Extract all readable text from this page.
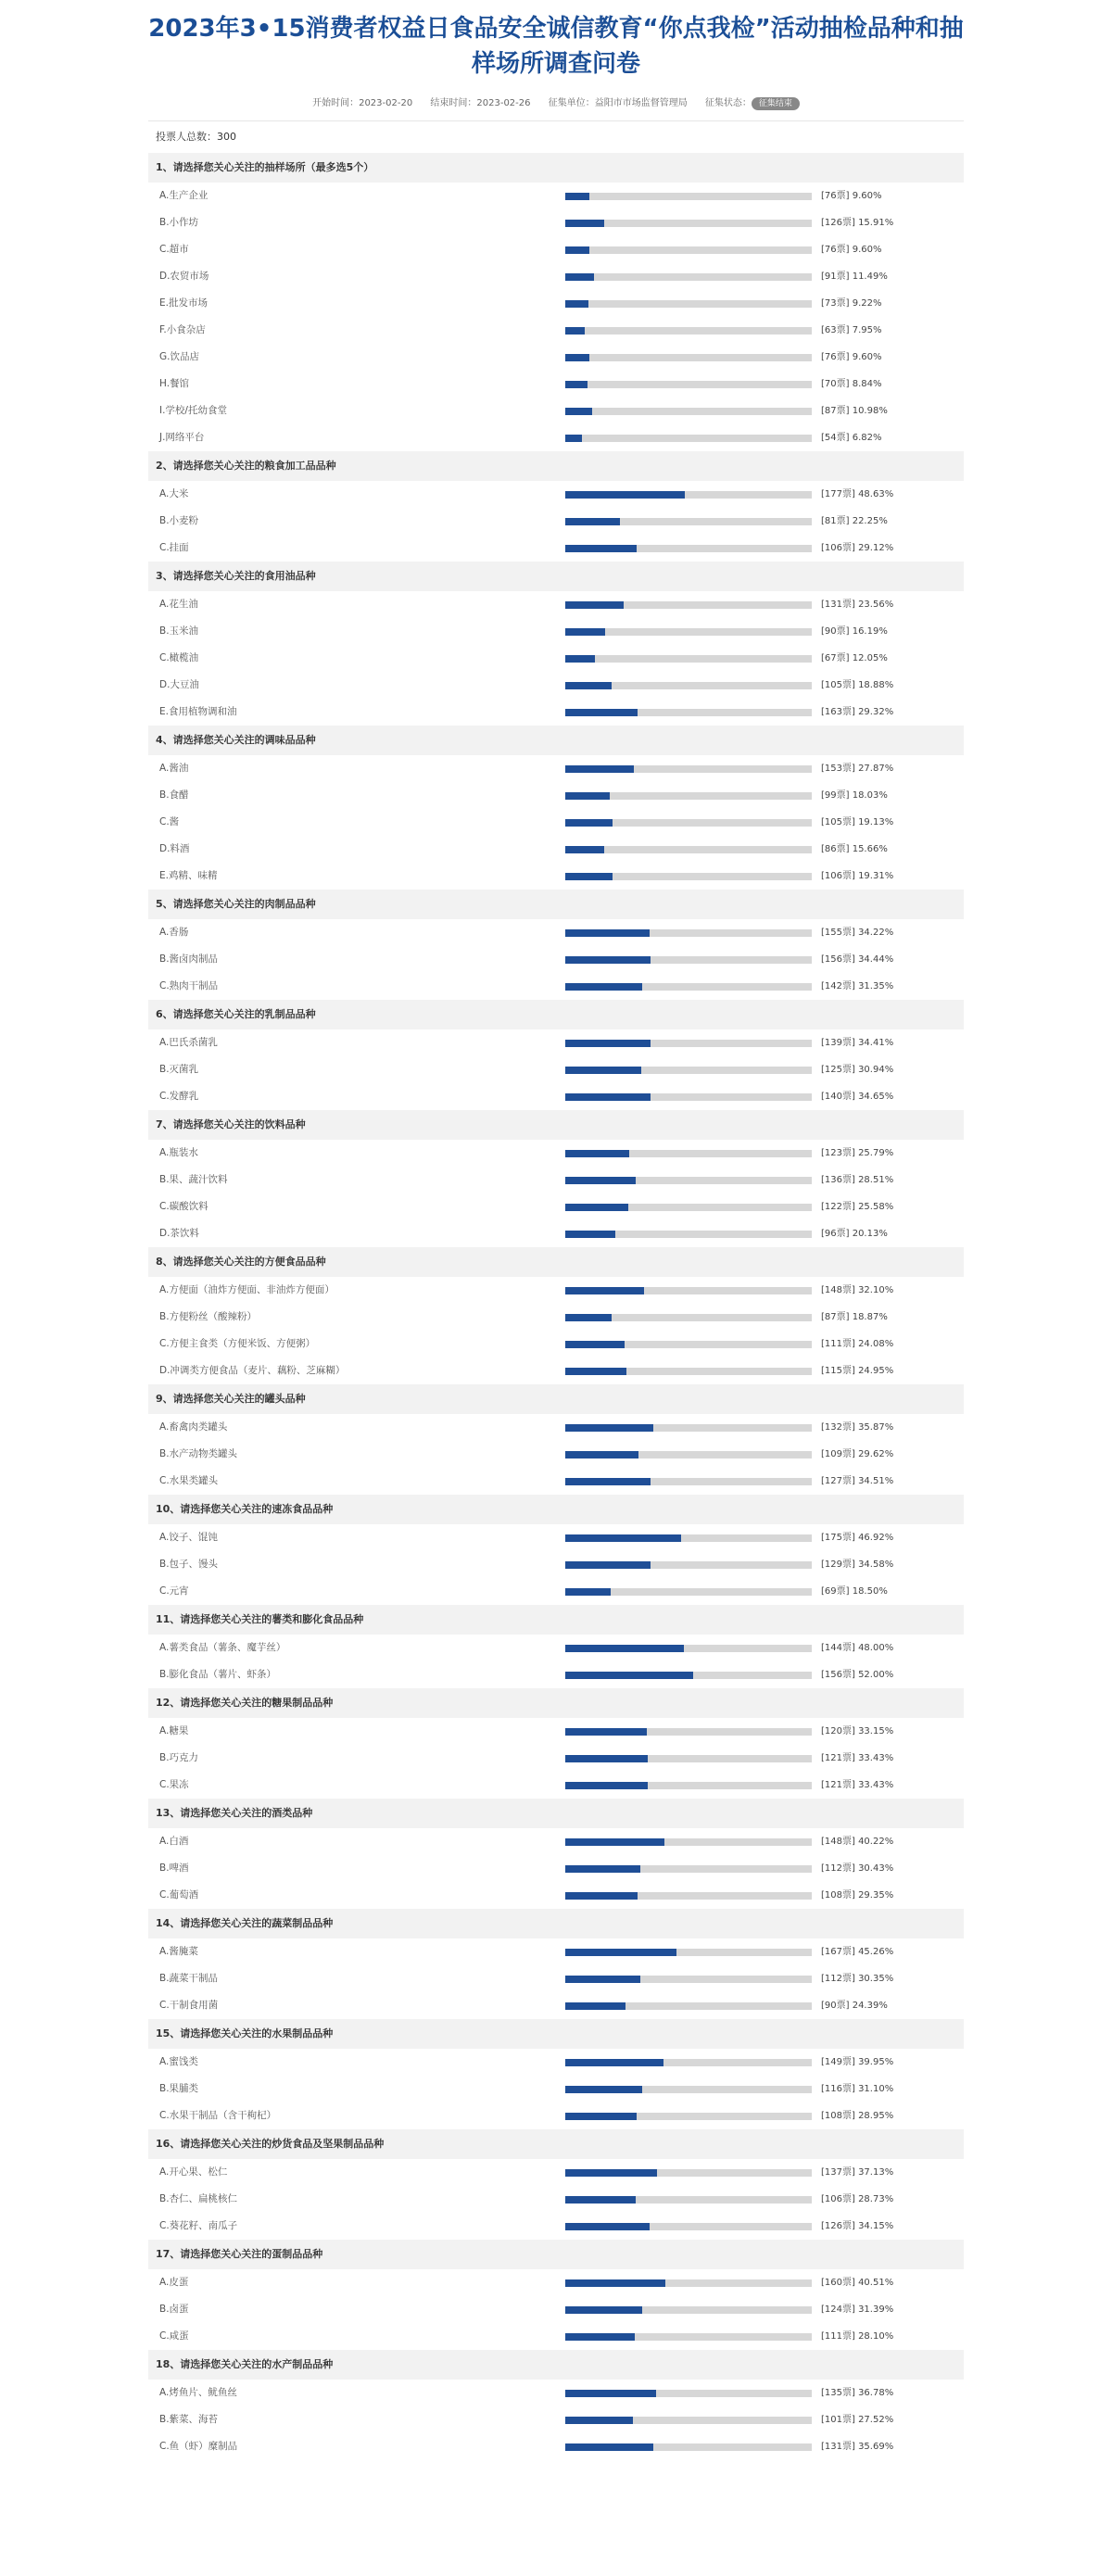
2023年3•15消费者权益日食品安全诚信教育“你点我检”活动抽检品种和抽样场所调查问卷
开始时间：2023-02-20 结束时间：2023-02-26 征集单位：益阳市市场监督管理局 征集状态： 征集结束
投票人总数：300
1、请选择您关心关注的抽样场所（最多选5个）
A.生产企业	[76票] 9.60%
B.小作坊	[126票] 15.91%
C.超市	[76票] 9.60%
D.农贸市场	[91票] 11.49%
E.批发市场	[73票] 9.22%
F.小食杂店	[63票] 7.95%
G.饮品店	[76票] 9.60%
H.餐馆	[70票] 8.84%
I.学校/托幼食堂	[87票] 10.98%
J.网络平台	[54票] 6.82%
2、请选择您关心关注的粮食加工品品种
A.大米	[177票] 48.63%
B.小麦粉	[81票] 22.25%
C.挂面	[106票] 29.12%
3、请选择您关心关注的食用油品种
A.花生油	[131票] 23.56%
B.玉米油	[90票] 16.19%
C.橄榄油	[67票] 12.05%
D.大豆油	[105票] 18.88%
E.食用植物调和油	[163票] 29.32%
4、请选择您关心关注的调味品品种
A.酱油	[153票] 27.87%
B.食醋	[99票] 18.03%
C.酱	[105票] 19.13%
D.料酒	[86票] 15.66%
E.鸡精、味精	[106票] 19.31%
5、请选择您关心关注的肉制品品种
A.香肠	[155票] 34.22%
B.酱卤肉制品	[156票] 34.44%
C.熟肉干制品	[142票] 31.35%
6、请选择您关心关注的乳制品品种
A.巴氏杀菌乳	[139票] 34.41%
B.灭菌乳	[125票] 30.94%
C.发酵乳	[140票] 34.65%
7、请选择您关心关注的饮料品种
A.瓶装水	[123票] 25.79%
B.果、蔬汁饮料	[136票] 28.51%
C.碳酸饮料	[122票] 25.58%
D.茶饮料	[96票] 20.13%
8、请选择您关心关注的方便食品品种
A.方便面（油炸方便面、非油炸方便面）	[148票] 32.10%
B.方便粉丝（酸辣粉）	[87票] 18.87%
C.方便主食类（方便米饭、方便粥）	[111票] 24.08%
D.冲调类方便食品（麦片、藕粉、芝麻糊）	[115票] 24.95%
9、请选择您关心关注的罐头品种
A.畜禽肉类罐头	[132票] 35.87%
B.水产动物类罐头	[109票] 29.62%
C.水果类罐头	[127票] 34.51%
10、请选择您关心关注的速冻食品品种
A.饺子、馄饨	[175票] 46.92%
B.包子、馒头	[129票] 34.58%
C.元宵	[69票] 18.50%
11、请选择您关心关注的薯类和膨化食品品种
A.薯类食品（薯条、魔芋丝）	[144票] 48.00%
B.膨化食品（薯片、虾条）	[156票] 52.00%
12、请选择您关心关注的糖果制品品种
A.糖果	[120票] 33.15%
B.巧克力	[121票] 33.43%
C.果冻	[121票] 33.43%
13、请选择您关心关注的酒类品种
A.白酒	[148票] 40.22%
B.啤酒	[112票] 30.43%
C.葡萄酒	[108票] 29.35%
14、请选择您关心关注的蔬菜制品品种
A.酱腌菜	[167票] 45.26%
B.蔬菜干制品	[112票] 30.35%
C.干制食用菌	[90票] 24.39%
15、请选择您关心关注的水果制品品种
A.蜜饯类	[149票] 39.95%
B.果脯类	[116票] 31.10%
C.水果干制品（含干枸杞）	[108票] 28.95%
16、请选择您关心关注的炒货食品及坚果制品品种
A.开心果、松仁	[137票] 37.13%
B.杏仁、扁桃核仁	[106票] 28.73%
C.葵花籽、南瓜子	[126票] 34.15%
17、请选择您关心关注的蛋制品品种
A.皮蛋	[160票] 40.51%
B.卤蛋	[124票] 31.39%
C.咸蛋	[111票] 28.10%
18、请选择您关心关注的水产制品品种
A.烤鱼片、鱿鱼丝	[135票] 36.78%
B.紫菜、海苔	[101票] 27.52%
C.鱼（虾）糜制品	[131票] 35.69%
